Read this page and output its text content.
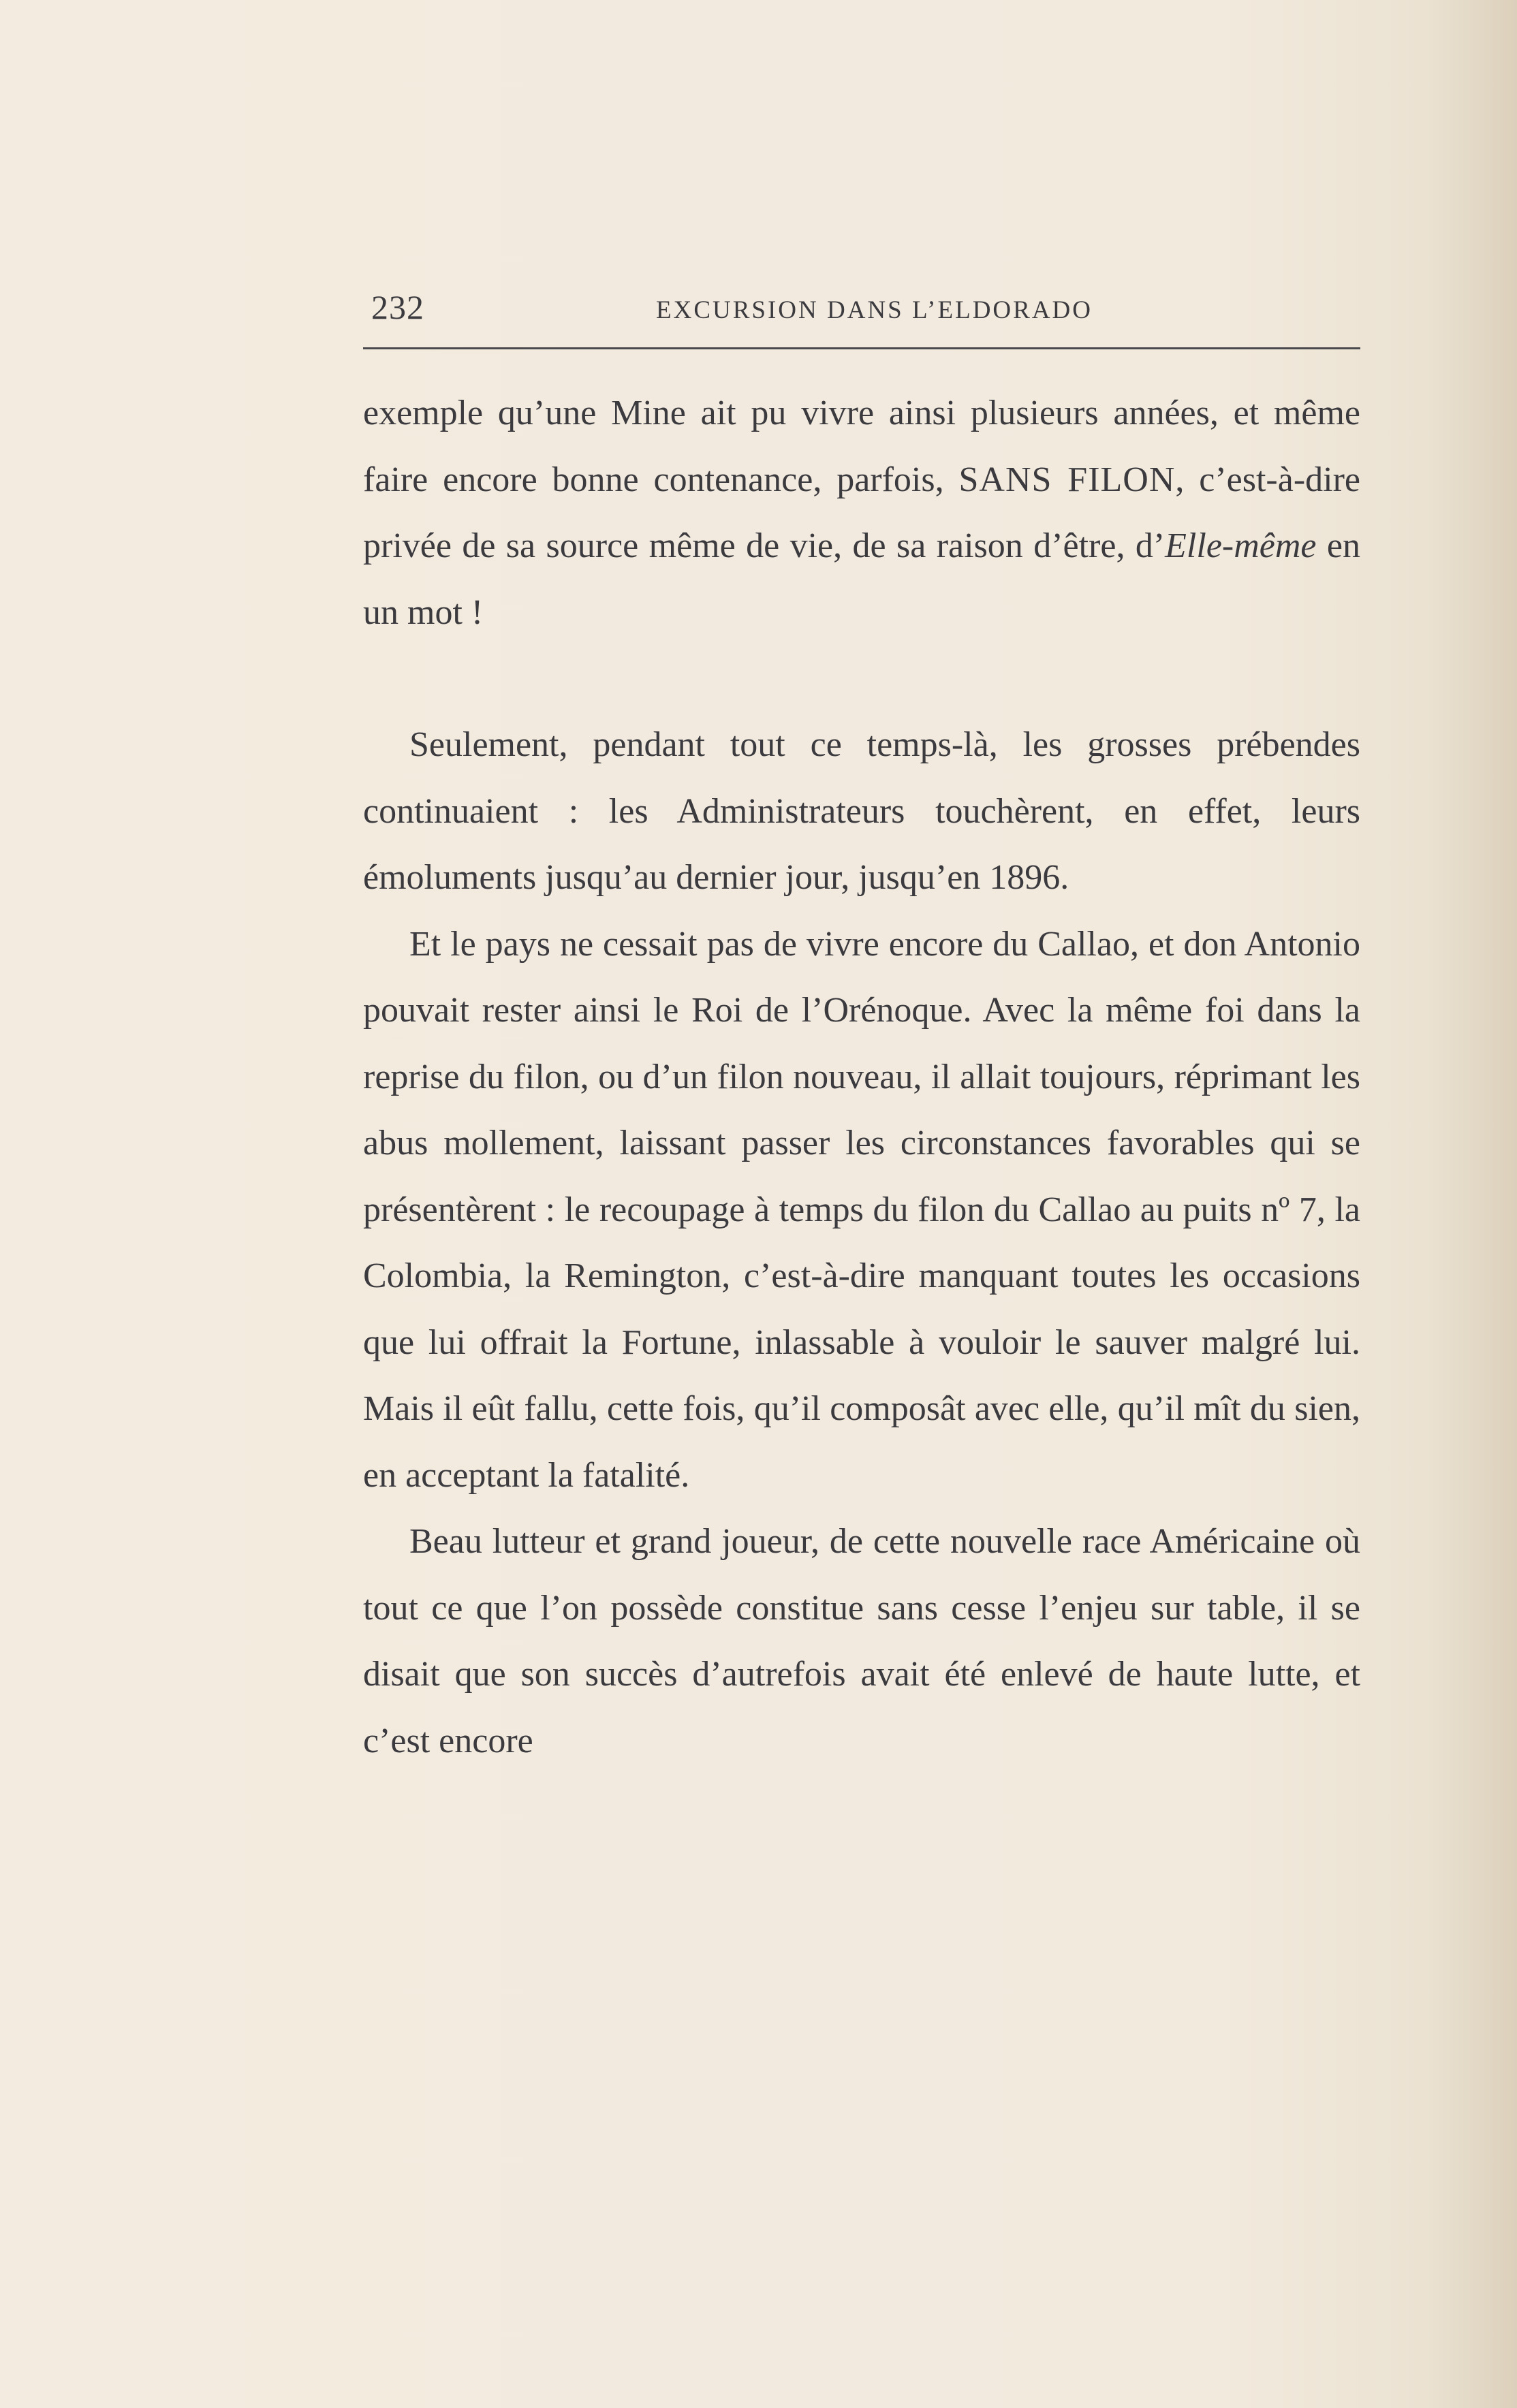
232	EXCURSION DANS L’ELDORADO

exemple qu’une Mine ait pu vivre ainsi plusieurs années, et même faire encore bonne contenance, parfois, SANS FILON, c’est-à-dire privée de sa source même de vie, de sa raison d’être, d’Elle-même en un mot !

Seulement, pendant tout ce temps-là, les grosses prébendes continuaient : les Administrateurs touchèrent, en effet, leurs émoluments jusqu’au dernier jour, jusqu’en 1896.

Et le pays ne cessait pas de vivre encore du Callao, et don Antonio pouvait rester ainsi le Roi de l’Orénoque. Avec la même foi dans la reprise du filon, ou d’un filon nouveau, il allait toujours, réprimant les abus mollement, laissant passer les circonstances favorables qui se présentèrent : le recoupage à temps du filon du Callao au puits nº 7, la Colombia, la Remington, c’est-à-dire manquant toutes les occasions que lui offrait la Fortune, inlassable à vouloir le sauver malgré lui. Mais il eût fallu, cette fois, qu’il composât avec elle, qu’il mît du sien, en acceptant la fatalité.

Beau lutteur et grand joueur, de cette nouvelle race Américaine où tout ce que l’on possède constitue sans cesse l’enjeu sur table, il se disait que son succès d’autrefois avait été enlevé de haute lutte, et c’est encore
